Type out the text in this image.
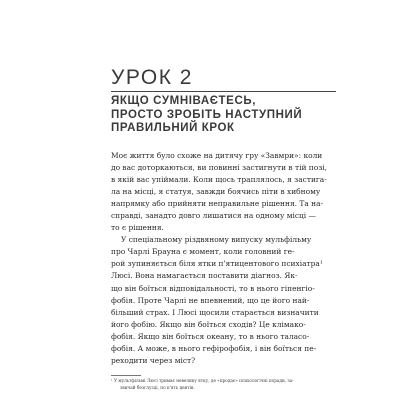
УРОК 2
ЯКЩО СУМНІВАЄТЕСЬ,
ПРОСТО ЗРОБІТЬ НАСТУПНИЙ
ПРАВИЛЬНИЙ КРОК
Моє життя було схоже на дитячу гру «Завмри»: коли
до вас доторкаються, ви повинні застигнути в тій позі,
в якій вас упіймали. Коли щось траплялось, я застига-
ла на місці, я статуя, завжди боячись піти в хибному
напрямку або прийняти неправильне рішення. Та на-
справді, занадто довго лишатися на одному місці —
то є рішення.
У спеціальному різдвяному випуску мульфільму
про Чарлі Брауна є момент, коли головний ге-
рой зупиняється біля ятки п'ятицентового психіатра¹
Люсі. Вона намагається поставити діагноз. Як-
що він боїться відповідальності, то в нього гіпенгіо-
фобія. Проте Чарлі не впевнений, що це його най-
більший страх. І Люсі щосили старається визначити
його фобію. Якщо він боїться сходів? Це клімако-
фобія. Якщо він боїться океану, то в нього таласо-
фобія. А може, в нього гефірофобія, і він боїться пе-
реходити через міст?
¹ У мультфільмі Люсі тримає невелику ятку, де «продає» психологічні поради, за-
звичай безглузді, по п'ять центів.
